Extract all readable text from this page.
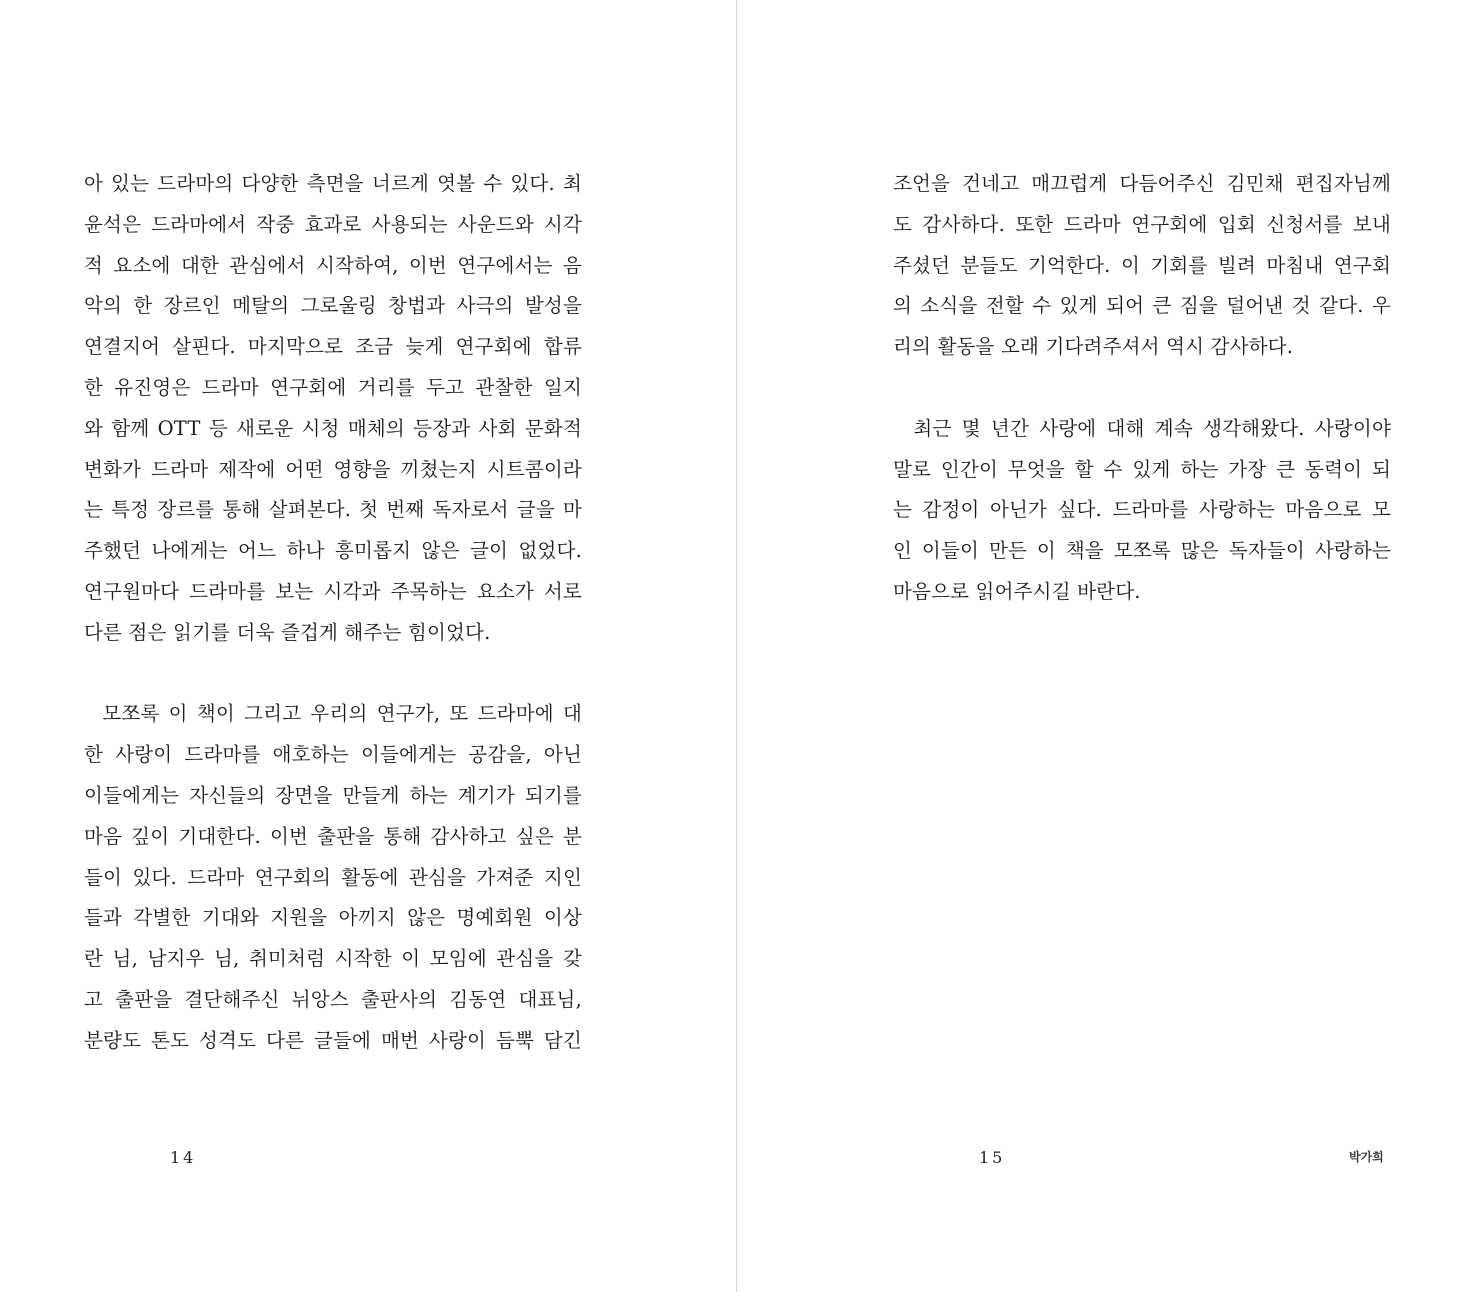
아 있는 드라마의 다양한 측면을 너르게 엿볼 수 있다. 최
윤석은 드라마에서 작중 효과로 사용되는 사운드와 시각
적 요소에 대한 관심에서 시작하여, 이번 연구에서는 음
악의 한 장르인 메탈의 그로울링 창법과 사극의 발성을
연결지어 살핀다. 마지막으로 조금 늦게 연구회에 합류
한 유진영은 드라마 연구회에 거리를 두고 관찰한 일지
와 함께 OTT 등 새로운 시청 매체의 등장과 사회 문화적
변화가 드라마 제작에 어떤 영향을 끼쳤는지 시트콤이라
는 특정 장르를 통해 살펴본다. 첫 번째 독자로서 글을 마
주했던 나에게는 어느 하나 흥미롭지 않은 글이 없었다.
연구원마다 드라마를 보는 시각과 주목하는 요소가 서로
다른 점은 읽기를 더욱 즐겁게 해주는 힘이었다.
모쪼록 이 책이 그리고 우리의 연구가, 또 드라마에 대
한 사랑이 드라마를 애호하는 이들에게는 공감을, 아닌
이들에게는 자신들의 장면을 만들게 하는 계기가 되기를
마음 깊이 기대한다. 이번 출판을 통해 감사하고 싶은 분
들이 있다. 드라마 연구회의 활동에 관심을 가져준 지인
들과 각별한 기대와 지원을 아끼지 않은 명예회원 이상
란 님, 남지우 님, 취미처럼 시작한 이 모임에 관심을 갖
고 출판을 결단해주신 뉘앙스 출판사의 김동연 대표님,
분량도 톤도 성격도 다른 글들에 매번 사랑이 듬뿍 담긴
14
조언을 건네고 매끄럽게 다듬어주신 김민채 편집자님께
도 감사하다. 또한 드라마 연구회에 입회 신청서를 보내
주셨던 분들도 기억한다. 이 기회를 빌려 마침내 연구회
의 소식을 전할 수 있게 되어 큰 짐을 덜어낸 것 같다. 우
리의 활동을 오래 기다려주셔서 역시 감사하다.
최근 몇 년간 사랑에 대해 계속 생각해왔다. 사랑이야
말로 인간이 무엇을 할 수 있게 하는 가장 큰 동력이 되
는 감정이 아닌가 싶다. 드라마를 사랑하는 마음으로 모
인 이들이 만든 이 책을 모쪼록 많은 독자들이 사랑하는
마음으로 읽어주시길 바란다.
15	박가희
